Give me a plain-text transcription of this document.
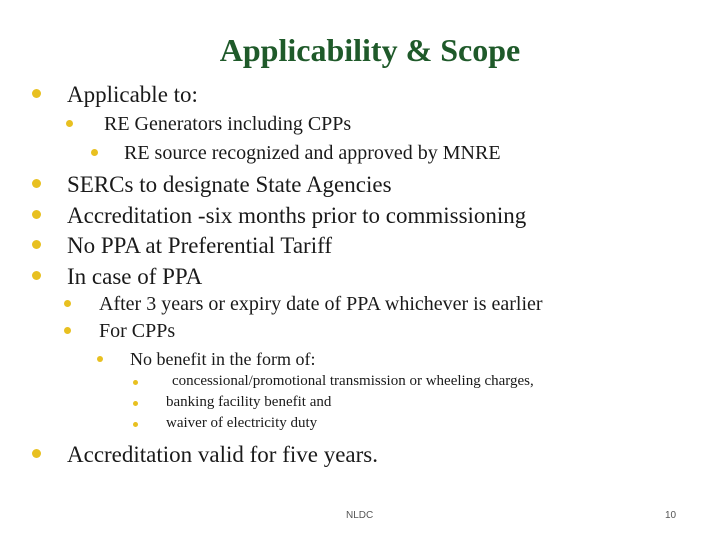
Applicability & Scope
Applicable to:
RE Generators including CPPs
RE source recognized and approved by MNRE
SERCs to designate State Agencies
Accreditation -six months prior to commissioning
No PPA at Preferential Tariff
In case of PPA
After 3 years or expiry date of PPA whichever is earlier
For CPPs
No benefit in the form of:
concessional/promotional transmission or wheeling charges,
banking facility benefit and
waiver of electricity duty
Accreditation valid for five years.
NLDC	10
